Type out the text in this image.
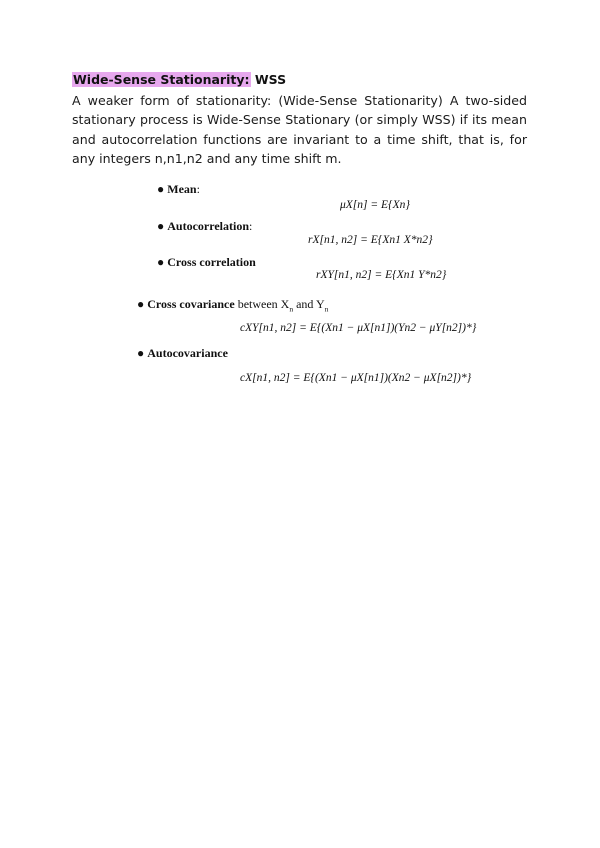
Wide-Sense Stationarity: WSS
A weaker form of stationarity: (Wide-Sense Stationarity) A two-sided stationary process is Wide-Sense Stationary (or simply WSS) if its mean and autocorrelation functions are invariant to a time shift, that is, for any integers n,n1,n2 and any time shift m.
● Mean:
μX[n] = E{Xn}
● Autocorrelation:
rX[n1, n2] = E{Xn1 X*n2}
● Cross correlation
rXY[n1, n2] = E{Xn1 Y*n2}
● Cross covariance between $X_n$ and $Y_n$
cXY[n1, n2] = E{(Xn1 − μX[n1])(Yn2 − μY[n2])*}
● Autocovariance
cX[n1, n2] = E{(Xn1 − μX[n1])(Xn2 − μX[n2])*}
